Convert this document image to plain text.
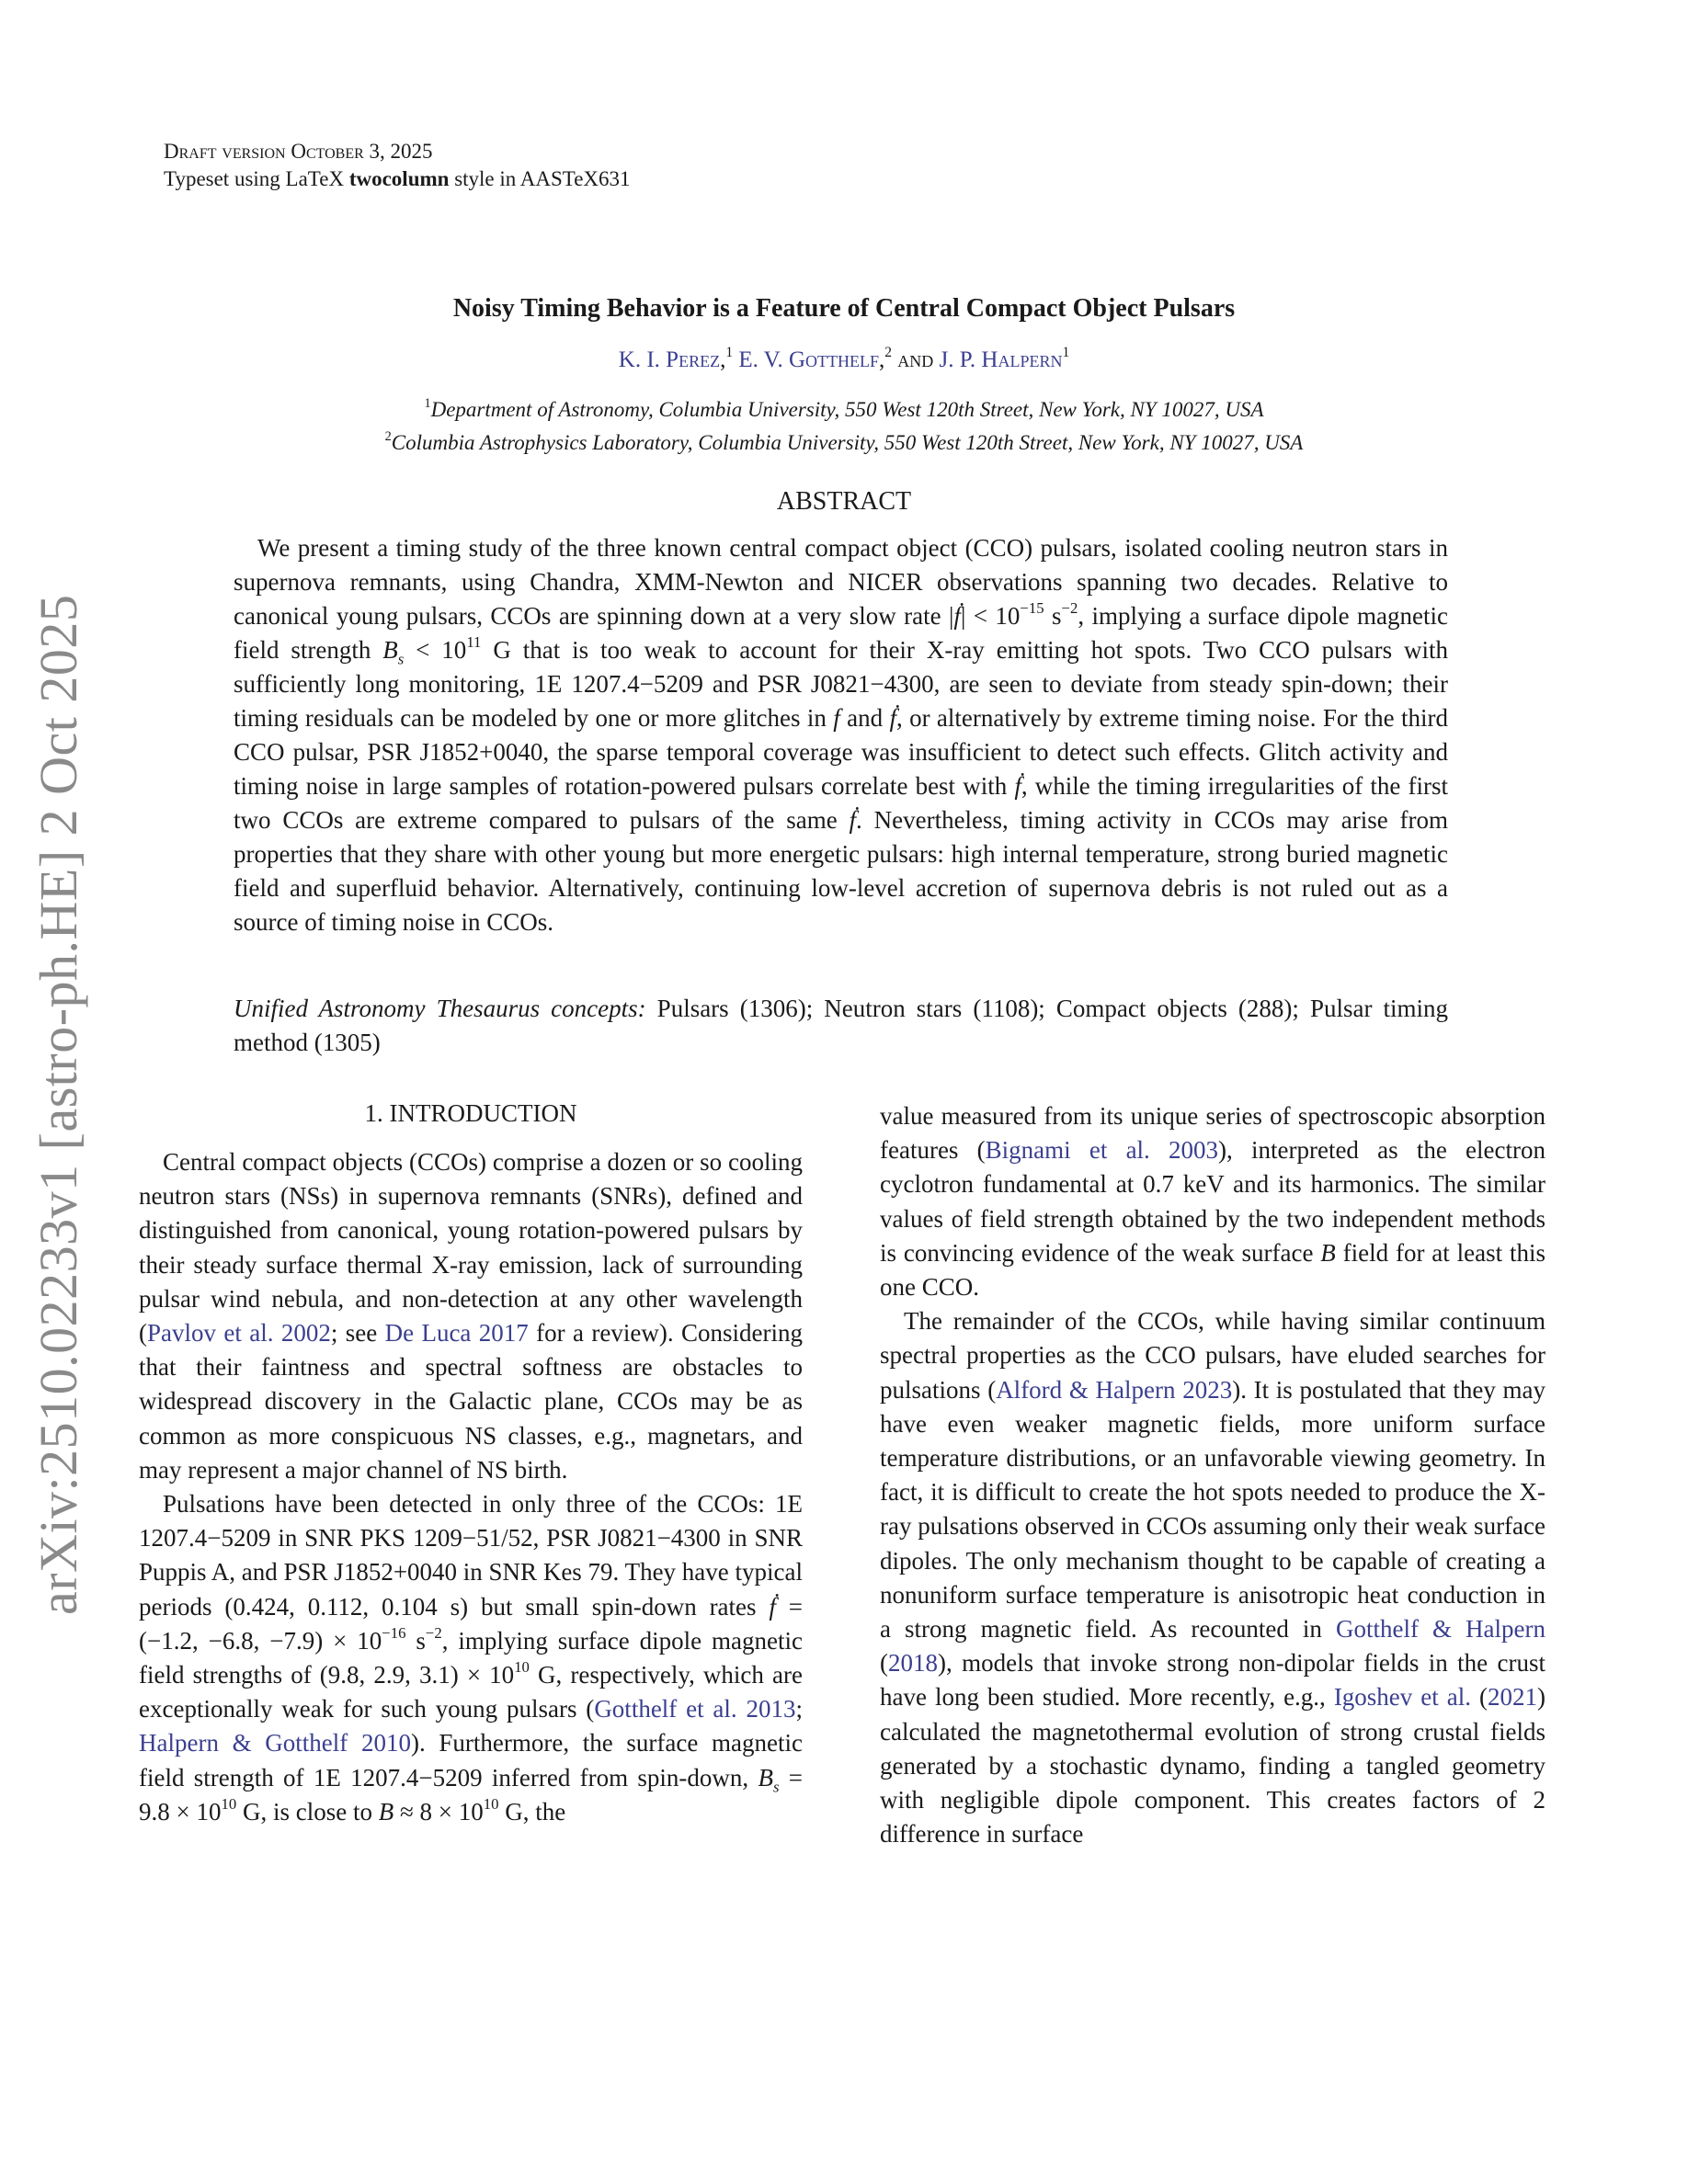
arXiv:2510.02233v1 [astro-ph.HE] 2 Oct 2025
Draft version October 3, 2025
Typeset using LaTeX twocolumn style in AASTeX631
Noisy Timing Behavior is a Feature of Central Compact Object Pulsars
K. I. Perez,$^1$ E. V. Gotthelf,$^2$ and J. P. Halpern$^1$
$^1$Department of Astronomy, Columbia University, 550 West 120th Street, New York, NY 10027, USA
$^2$Columbia Astrophysics Laboratory, Columbia University, 550 West 120th Street, New York, NY 10027, USA
ABSTRACT

We present a timing study of the three known central compact object (CCO) pulsars, isolated cooling neutron stars in supernova remnants, using Chandra, XMM-Newton and NICER observations spanning two decades. Relative to canonical young pulsars, CCOs are spinning down at a very slow rate |ḟ| < $10^{-15}$ $s^{-2}$, implying a surface dipole magnetic field strength $B_s < 10^{11}$ G that is too weak to account for their X-ray emitting hot spots. Two CCO pulsars with sufficiently long monitoring, 1E 1207.4−5209 and PSR J0821−4300, are seen to deviate from steady spin-down; their timing residuals can be modeled by one or more glitches in f and ḟ, or alternatively by extreme timing noise. For the third CCO pulsar, PSR J1852+0040, the sparse temporal coverage was insufficient to detect such effects. Glitch activity and timing noise in large samples of rotation-powered pulsars correlate best with ḟ, while the timing irregularities of the first two CCOs are extreme compared to pulsars of the same ḟ. Nevertheless, timing activity in CCOs may arise from properties that they share with other young but more energetic pulsars: high internal temperature, strong buried magnetic field and superfluid behavior. Alternatively, continuing low-level accretion of supernova debris is not ruled out as a source of timing noise in CCOs.

Unified Astronomy Thesaurus concepts: Pulsars (1306); Neutron stars (1108); Compact objects (288); Pulsar timing method (1305)

1. INTRODUCTION

Central compact objects (CCOs) comprise a dozen or so cooling neutron stars (NSs) in supernova remnants (SNRs), defined and distinguished from canonical, young rotation-powered pulsars by their steady surface thermal X-ray emission, lack of surrounding pulsar wind nebula, and non-detection at any other wavelength (Pavlov et al. 2002; see De Luca 2017 for a review). Considering that their faintness and spectral softness are obstacles to widespread discovery in the Galactic plane, CCOs may be as common as more conspicuous NS classes, e.g., magnetars, and may represent a major channel of NS birth.

Pulsations have been detected in only three of the CCOs: 1E 1207.4−5209 in SNR PKS 1209−51/52, PSR J0821−4300 in SNR Puppis A, and PSR J1852+0040 in SNR Kes 79. They have typical periods (0.424, 0.112, 0.104 s) but small spin-down rates ḟ = (−1.2, −6.8, $-7.9) \times 10^{-16}$ $s^{-2}$, implying surface dipole magnetic field strengths of (9.8, 2.9, $3.1) \times 10^{10}$ G, respectively, which are exceptionally weak for such young pulsars (Gotthelf et al. 2013; Halpern & Gotthelf 2010). Furthermore, the surface magnetic field strength of 1E 1207.4−5209 inferred from spin-down, $B_s = 9.8 \times 10^{10}$ G, is close to $B \approx 8 \times 10^{10}$ G, the

value measured from its unique series of spectroscopic absorption features (Bignami et al. 2003), interpreted as the electron cyclotron fundamental at 0.7 keV and its harmonics. The similar values of field strength obtained by the two independent methods is convincing evidence of the weak surface B field for at least this one CCO.

The remainder of the CCOs, while having similar continuum spectral properties as the CCO pulsars, have eluded searches for pulsations (Alford & Halpern 2023). It is postulated that they may have even weaker magnetic fields, more uniform surface temperature distributions, or an unfavorable viewing geometry. In fact, it is difficult to create the hot spots needed to produce the X-ray pulsations observed in CCOs assuming only their weak surface dipoles. The only mechanism thought to be capable of creating a nonuniform surface temperature is anisotropic heat conduction in a strong magnetic field. As recounted in Gotthelf & Halpern (2018), models that invoke strong non-dipolar fields in the crust have long been studied. More recently, e.g., Igoshev et al. (2021) calculated the magnetothermal evolution of strong crustal fields generated by a stochastic dynamo, finding a tangled geometry with negligible dipole component. This creates factors of 2 difference in surface
